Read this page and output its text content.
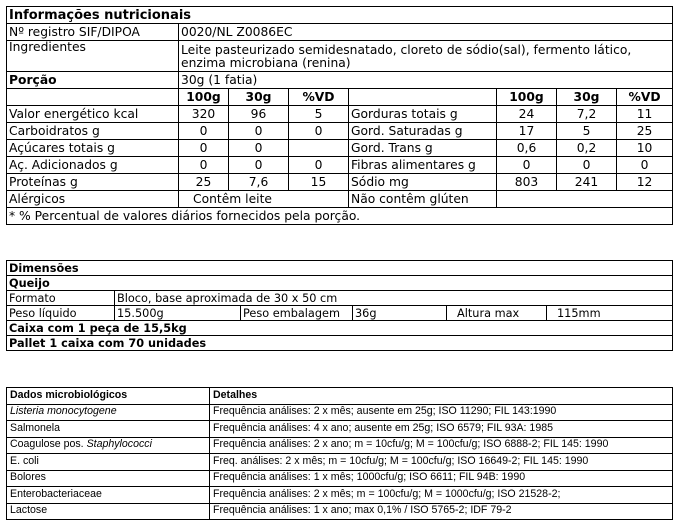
Informações nutricionais							
Nº registro SIF/DIPOA	0020/NL Z0086EC						
Ingredientes	Leite pasteurizado semidesnatado, cloreto de sódio(sal), fermento lático, enzima microbiana (renina)						
Porção	30g (1 fatia)						
	100g	30g	%VD		100g	30g	%VD
Valor energético kcal	320	96	5	Gorduras totais g	24	7,2	11
Carboidratos g	0	0	0	Gord. Saturadas g	17	5	25
Açúcares totais g	0	0		Gord. Trans g	0,6	0,2	10
Aç. Adicionados g	0	0	0	Fibras alimentares g	0	0	0
Proteínas g	25	7,6	15	Sódio mg	803	241	12
Alérgicos	Contêm leite			Não contêm glúten			
* % Percentual de valores diários fornecidos pela porção.							
Dimensões					
Queijo					
Formato	Bloco, base aproximada de 30 x 50 cm				
Peso líquido	15.500g	Peso embalagem	36g	Altura max	115mm
Caixa com 1 peça de 15,5kg					
Pallet 1 caixa com 70 unidades					
Dados microbiológicos	Detalhes
Listeria monocytogene	Frequência análises: 2 x mês; ausente em 25g; ISO 11290; FIL 143:1990
Salmonela	Frequência análises: 4 x ano; ausente em 25g; ISO 6579; FIL 93A: 1985
Coagulose pos. Staphylococci	Frequência análises: 2 x ano; m = 10cfu/g; M = 100cfu/g; ISO 6888-2; FIL 145: 1990
E. coli	Freq. análises: 2 x mês; m = 10cfu/g; M = 100cfu/g; ISO 16649-2; FIL 145: 1990
Bolores	Frequência análises: 1 x mês; 1000cfu/g; ISO 6611; FIL 94B: 1990
Enterobacteriaceae	Frequência análises: 2 x mês; m = 100cfu/g; M = 1000cfu/g; ISO 21528-2;
Lactose	Frequência análises: 1 x ano; max 0,1% / ISO 5765-2; IDF 79-2
